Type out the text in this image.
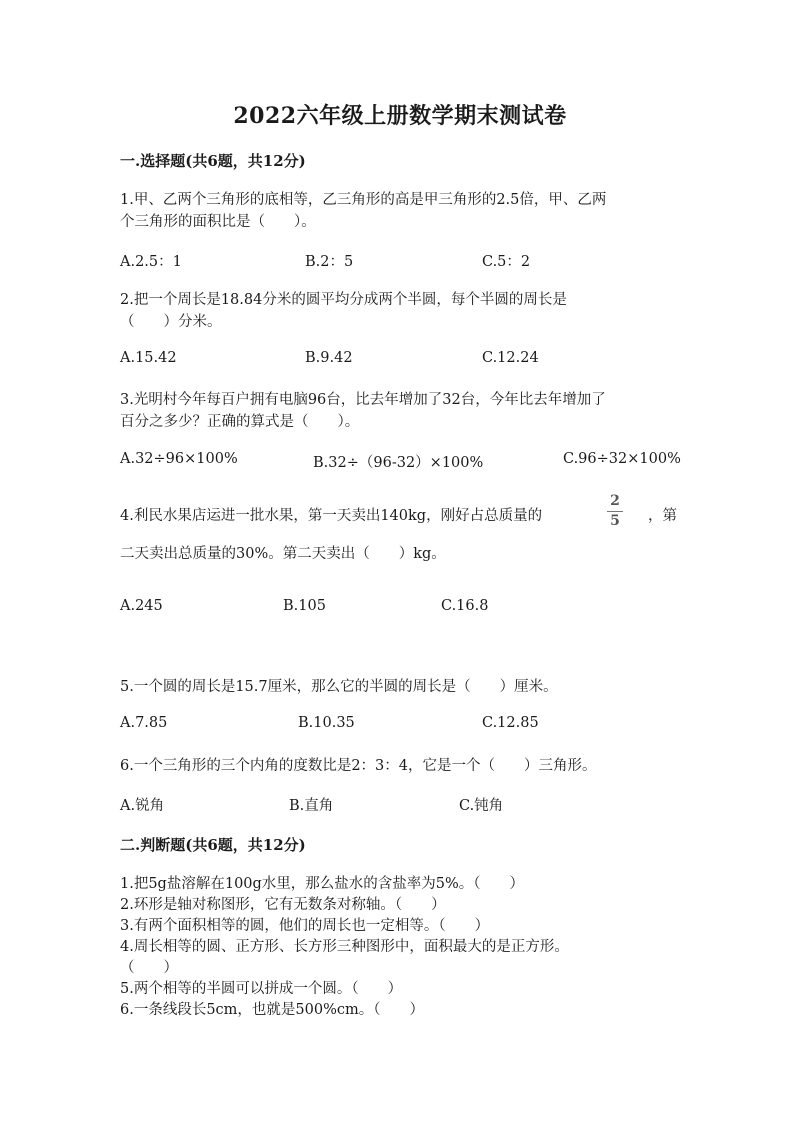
2022六年级上册数学期末测试卷
一.选择题(共6题，共12分)
1.甲、乙两个三角形的底相等，乙三角形的高是甲三角形的2.5倍，甲、乙两
个三角形的面积比是（　　）。
A.2.5：1	B.2：5	C.5：2
2.把一个周长是18.84分米的圆平均分成两个半圆，每个半圆的周长是
（　　）分米。
A.15.42	B.9.42	C.12.24
3.光明村今年每百户拥有电脑96台，比去年增加了32台，今年比去年增加了
百分之多少？正确的算式是（　　）。
A.32÷96×100%	B.32÷（96-32）×100%	C.96÷32×100%
4.利民水果店运进一批水果，第一天卖出140kg，刚好占总质量的
2
5	，第
二天卖出总质量的30%。第二天卖出（　　）kg。
A.245	B.105	C.16.8
5.一个圆的周长是15.7厘米，那么它的半圆的周长是（　　）厘米。
A.7.85	B.10.35	C.12.85
6.一个三角形的三个内角的度数比是2：3：4，它是一个（　　）三角形。
A.锐角	B.直角	C.钝角
二.判断题(共6题，共12分)
1.把5g盐溶解在100g水里，那么盐水的含盐率为5%。（　　）
2.环形是轴对称图形，它有无数条对称轴。（　　）
3.有两个面积相等的圆，他们的周长也一定相等。（　　）
4.周长相等的圆、正方形、长方形三种图形中，面积最大的是正方形。
（　　）
5.两个相等的半圆可以拼成一个圆。（　　）
6.一条线段长5cm，也就是500%cm。（　　）
